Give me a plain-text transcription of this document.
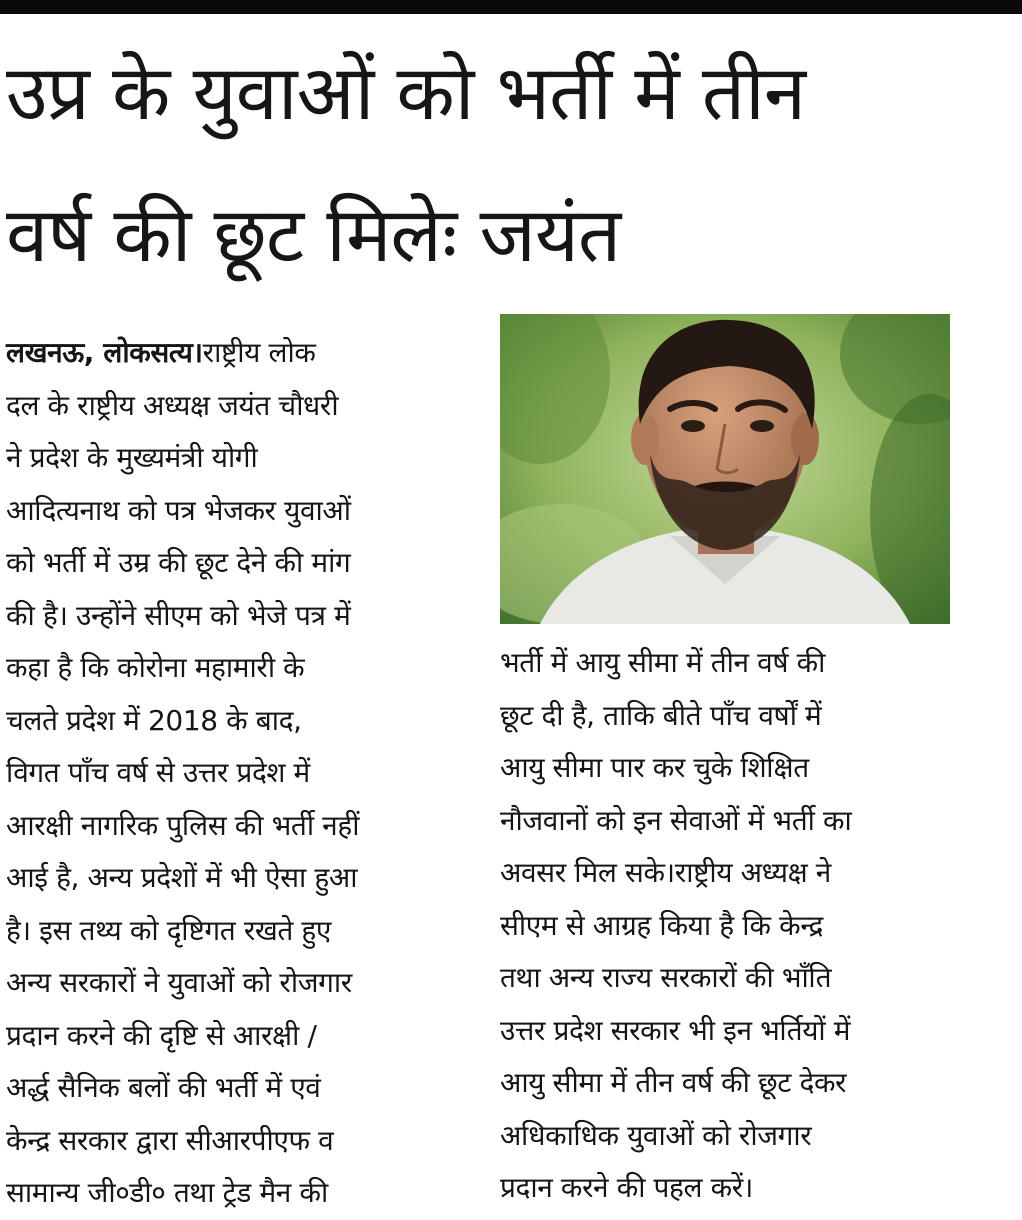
उप्र के युवाओं को भर्ती में तीन
वर्ष की छूट मिलेः जयंत
लखनऊ, लोकसत्य।राष्ट्रीय लोक
दल के राष्ट्रीय अध्यक्ष जयंत चौधरी
ने प्रदेश के मुख्यमंत्री योगी
आदित्यनाथ को पत्र भेजकर युवाओं
को भर्ती में उम्र की छूट देने की मांग
की है। उन्होंने सीएम को भेजे पत्र में
कहा है कि कोरोना महामारी के
चलते प्रदेश में 2018 के बाद,
विगत पाँच वर्ष से उत्तर प्रदेश में
आरक्षी नागरिक पुलिस की भर्ती नहीं
आई है, अन्य प्रदेशों में भी ऐसा हुआ
है। इस तथ्य को दृष्टिगत रखते हुए
अन्य सरकारों ने युवाओं को रोजगार
प्रदान करने की दृष्टि से आरक्षी /
अर्द्ध सैनिक बलों की भर्ती में एवं
केन्द्र सरकार द्वारा सीआरपीएफ व
सामान्य जी०डी० तथा ट्रेड मैन की
भर्ती में आयु सीमा में तीन वर्ष की
छूट दी है, ताकि बीते पाँच वर्षों में
आयु सीमा पार कर चुके शिक्षित
नौजवानों को इन सेवाओं में भर्ती का
अवसर मिल सके।राष्ट्रीय अध्यक्ष ने
सीएम से आग्रह किया है कि केन्द्र
तथा अन्य राज्य सरकारों की भाँति
उत्तर प्रदेश सरकार भी इन भर्तियों में
आयु सीमा में तीन वर्ष की छूट देकर
अधिकाधिक युवाओं को रोजगार
प्रदान करने की पहल करें।
